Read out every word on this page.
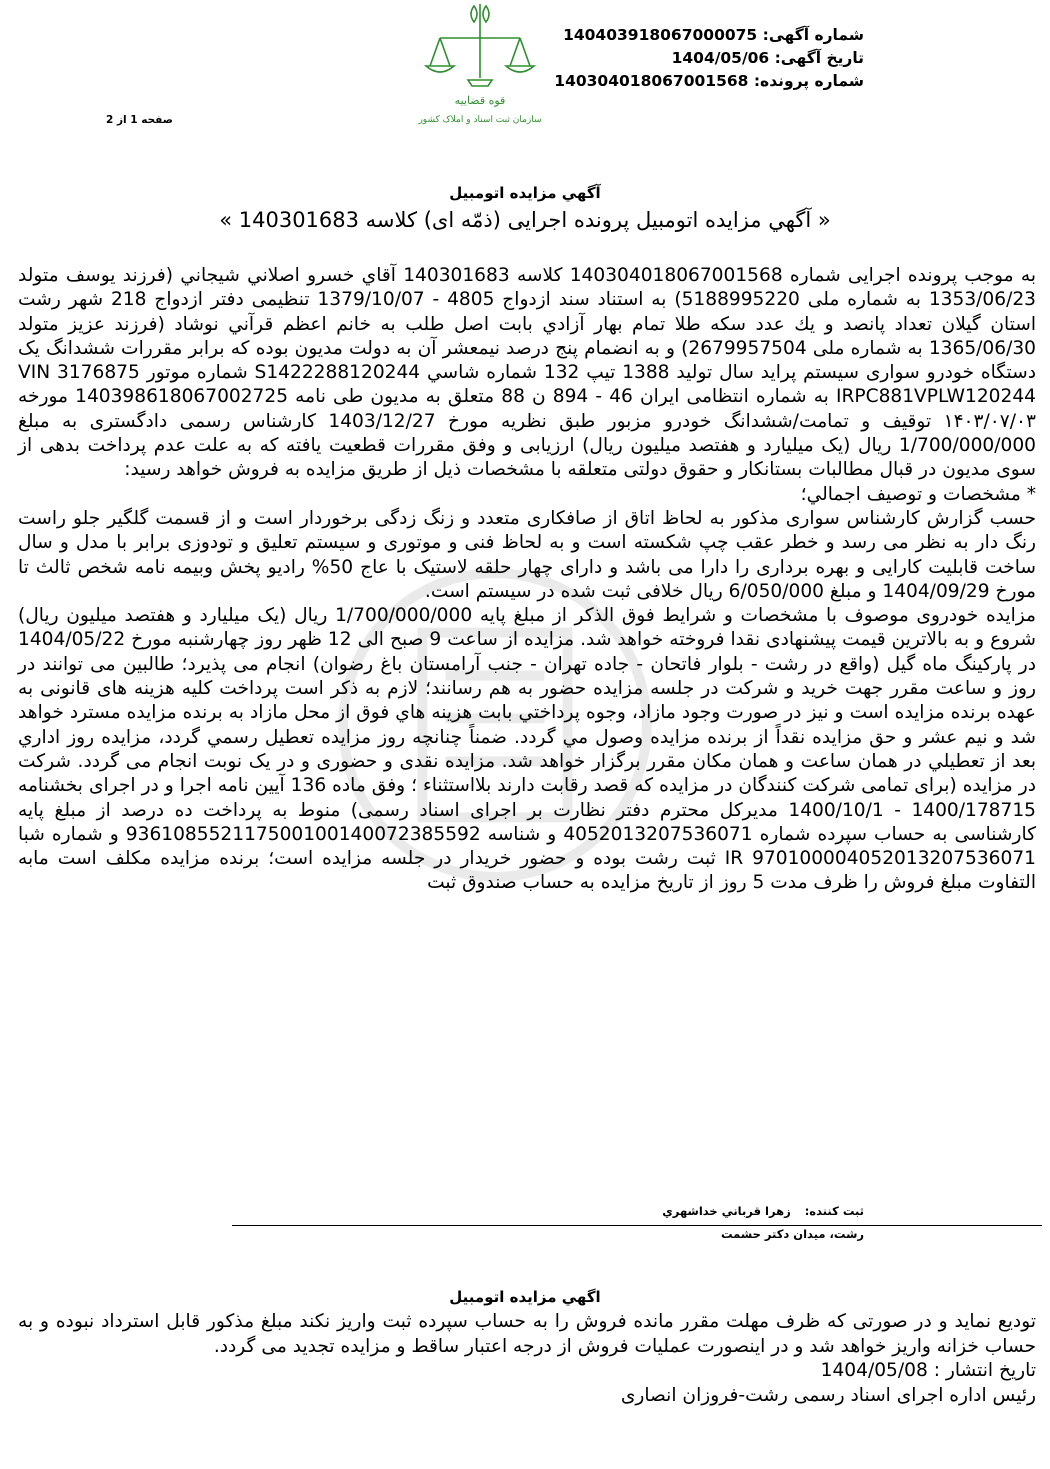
قوه قضاییه
سازمان ثبت اسناد و املاک کشور
شماره آگهی: 140403918067000075
تاریخ آگهی: 1404/05/06
شماره پرونده: 140304018067001568
صفحه 1 از 2
آگهي مزايده اتومبيل
« آگهي مزايده اتومبيل پرونده اجرایی (ذمّه ای) كلاسه 140301683 »

به موجب پرونده اجرایی شماره 140304018067001568 كلاسه 140301683 آقاي خسرو اصلاني شيجاني (فرزند يوسف متولد 1353/06/23 به شماره ملی 5188995220) به استناد سند ازدواج 4805 - 1379/10/07 تنظیمی دفتر ازدواج 218 شهر رشت استان گیلان تعداد پانصد و يك عدد سكه طلا تمام بهار آزادي بابت اصل طلب به خانم اعظم قرآني نوشاد (فرزند عزيز متولد 1365/06/30 به شماره ملی 2679957504) و به انضمام پنج درصد نیمعشر آن به دولت مدیون بوده که برابر مقررات ششدانگ یک دستگاه خودرو سواری سیستم پرايد سال تولید 1388 تیپ 132 شماره شاسي S1422288120244 شماره موتور 3176875 VIN IRPC881VPLW120244 به شماره انتظامی ایران 46 - 894 ن 88 متعلق به مديون طی نامه 140398618067002725 مورخه ۱۴۰۳/۰۷/۰۳ توقيف و تمامت/ششدانگ خودرو مزبور طبق نظريه مورخ 1403/12/27 کارشناس رسمی دادگستری به مبلغ 1/700/000/000 ريال (يک ميليارد و هفتصد ميليون ريال) ارزيابی و وفق مقررات قطعيت يافته که به علت عدم پرداخت بدهی از سوی مديون در قبال مطالبات بستانکار و حقوق دولتی متعلقه با مشخصات ذيل از طريق مزايده به فروش خواهد رسيد:

* مشخصات و توصيف اجمالي؛

حسب گزارش كارشناس سواری مذكور به لحاظ اتاق از صافكاری متعدد و زنگ زدگی برخوردار است و از قسمت گلگير جلو راست رنگ دار به نظر می رسد و خطر عقب چپ شكسته است و به لحاظ فنی و موتوری و سيستم تعليق و تودوزی برابر با مدل و سال ساخت قابليت كارايی و بهره برداری را دارا می باشد و دارای چهار حلقه لاستيک با عاج 50% راديو پخش وبيمه نامه شخص ثالث تا مورخ 1404/09/29 و مبلغ 6/050/000 ريال خلافی ثبت شده در سيستم است.

مزايده خودروی موصوف با مشخصات و شرايط فوق الذكر از مبلغ پايه 1/700/000/000 ريال (يک ميليارد و هفتصد ميليون ريال) شروع و به بالاترين قيمت پيشنهادی نقدا فروخته خواهد شد. مزايده از ساعت 9 صبح الی 12 ظهر روز چهارشنبه مورخ 1404/05/22 در پاركينگ ماه گيل (واقع در رشت - بلوار فاتحان - جاده تهران - جنب آرامستان باغ رضوان) انجام می پذيرد؛ طالبين می توانند در روز و ساعت مقرر جهت خريد و شركت در جلسه مزايده حضور به هم رسانند؛ لازم به ذكر است پرداخت كليه هزينه های قانونی به عهده برنده مزايده است و نيز در صورت وجود مازاد، وجوه پرداختي بابت هزينه هاي فوق از محل مازاد به برنده مزايده مسترد خواهد شد و نيم عشر و حق مزايده نقداً از برنده مزايده وصول مي گردد. ضمناً چنانچه روز مزايده تعطيل رسمي گردد، مزايده روز اداري بعد از تعطيلي در همان ساعت و همان مكان مقرر برگزار خواهد شد. مزايده نقدی و حضوری و در يک نوبت انجام می گردد. شركت در مزايده (برای تمامی شركت كنندگان در مزايده كه قصد رقابت دارند بلااستثناء ؛ وفق ماده 136 آيين نامه اجرا و در اجرای بخشنامه 1400/178715 - 1400/10/1 مديركل محترم دفتر نظارت بر اجرای اسناد رسمی) منوط به پرداخت ده درصد از مبلغ پايه كارشناسی به حساب سپرده شماره 4052013207536071 و شناسه 936108552117500100140072385592 و شماره شبا IR 970100004052013207536071 ثبت رشت بوده و حضور خريدار در جلسه مزايده است؛ برنده مزايده مكلف است مابه التفاوت مبلغ فروش را ظرف مدت 5 روز از تاريخ مزايده به حساب صندوق ثبت

ثبت کننده: زهرا قرباني خداشهري
رشت، میدان دکتر حشمت
اگهي مزايده اتومبيل

توديع نمايد و در صورتی كه ظرف مهلت مقرر مانده فروش را به حساب سپرده ثبت واريز نكند مبلغ مذكور قابل استرداد نبوده و به حساب خزانه واريز خواهد شد و در اينصورت عمليات فروش از درجه اعتبار ساقط و مزايده تجديد می گردد.

تاريخ انتشار : 1404/05/08

رئيس اداره اجرای اسناد رسمی رشت-فروزان انصاری
